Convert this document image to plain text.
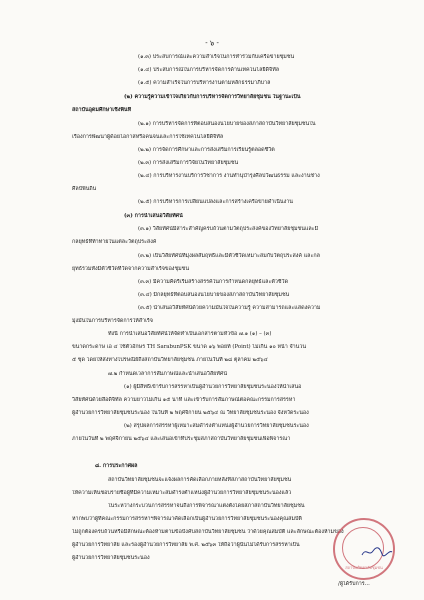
- ๖ -
(๑.๓) ประสบการณ์และความสำเร็จในการทำร่วมกับเครือข่ายชุมชน
(๑.๔) ประสบการณ์ในการบริหารจัดการด้านเทคโนโลยีดิจิทัล
(๑.๕) ความสำเร็จในการบริหารงานตามหลักธรรมาภิบาล
(๒) ความรู้ความเข้าใจเกี่ยวกับการบริหารจัดการวิทยาลัยชุมชน ในฐานะเป็น
สถาบันอุดมศึกษาเชิงพื้นที่
(๒.๑) การบริหารจัดการที่ตอบสนองนโยบายของสภาสถาบันวิทยาลัยชุมชนใน
เรื่องการพัฒนาผู้ด้อยโอกาสหรือคนจนและการใช้เทคโนโลยีดิจิทัล
(๒.๒) การจัดการศึกษาและการส่งเสริมการเรียนรู้ตลอดชีวิต
(๒.๓) การส่งเสริมการวิจัยในวิทยาลัยชุมชน
(๒.๔) การบริหารงานบริการวิชาการ งานทำนุบำรุงศิลปวัฒนธรรม และงานช่าง
ศิลป์พื้นถิ่น
(๒.๕) การบริหารการเปลี่ยนแปลงและการสร้างเครือข่ายดำเนินงาน
(๓) การนำเสนอวิสัยทัศน์
(๓.๑) วิสัยทัศน์มีสาระสำคัญครบถ้วนตามวัตถุประสงค์ของวิทยาลัยชุมชนและมี
กลยุทธ์ที่ท้าทายในแต่ละวัตถุประสงค์
(๓.๒) เป็นวิสัยทัศน์ที่มุ่งผลสัมฤทธิ์และมีตัวชี้วัดเหมาะสมกับวัตถุประสงค์ และกล
ยุทธ์รวมทั้งมีตัวชี้วัดที่วัดจากความสำเร็จของชุมชน
(๓.๓) มีความคิดริเริ่มสร้างสรรค์ในการกำหนดกลยุทธ์และตัวชี้วัด
(๓.๔) มีกลยุทธ์ที่ตอบสนองนโยบายของสภาสถาบันวิทยาลัยชุมชน
(๓.๕) นำเสนอวิสัยทัศน์ด้วยความมั่นใจในความรู้ ความสามารถและแสดงความ
มุ่งมั่นในการบริหารจัดการให้สำเร็จ
ทั้งนี้ การนำเสนอวิสัยทัศน์ให้จัดทำเป็นเอกสารตามหัวข้อ ๗.๑ (๑) – (๓)
ขนาดกระดาษ เอ ๔ ใช้ตัวอักษร TH SarabunPSK ขนาด ๑๖ พอยท์ (Point) ไม่เกิน ๑๐ หน้า จำนวน
๕ ชุด โดยให้ส่งทางไปรษณีย์ถึงสถาบันวิทยาลัยชุมชน ภายในวันที่ ๒๘ ตุลาคม ๒๕๖๔
๗.๒ กำหนดเวลาการสัมภาษณ์และนำเสนอวิสัยทัศน์
(๑) ผู้มีสิทธิ์เข้ารับการสรรหาเป็นผู้อำนวยการวิทยาลัยชุมชนระนองให้นำเสนอ
วิสัยทัศน์ด้วยสื่อดิจิทัล ความยาวไม่เกิน ๑๕ นาที และเข้ารับการสัมภาษณ์ต่อคณะกรรมการสรรหา
ผู้อำนวยการวิทยาลัยชุมชนระนอง ในวันที่ ๒ พฤศจิกายน ๒๕๖๔ ณ วิทยาลัยชุมชนระนอง จังหวัดระนอง
(๒) สรุปผลการสรรหาผู้เหมาะสมดำรงตำแหน่งผู้อำนวยการวิทยาลัยชุมชนระนอง
ภายในวันที่ ๒ พฤศจิกายน ๒๕๖๔ และเสนอเข้าที่ประชุมสภาสถาบันวิทยาลัยชุมชนเพื่อพิจารณา
๘. การประกาศผล
สถาบันวิทยาลัยชุมชนจะแจ้งผลการคัดเลือกภายหลังที่สภาสถาบันวิทยาลัยชุมชน
ให้ความเห็นชอบรายชื่อผู้ที่มีความเหมาะสมดำรงตำแหน่งผู้อำนวยการวิทยาลัยชุมชนระนองแล้ว
ในระหว่างกระบวนการสรรหาจนถึงการพิจารณาแต่งตั้งโดยสภาสถาบันวิทยาลัยชุมชน
หากพบว่าผู้ที่คณะกรรมการสรรหาฯพิจารณาคัดเลือกเป็นผู้อำนวยการวิทยาลัยชุมชนระนองคุณสมบัติ
ไม่ถูกต้องครบถ้วนหรือมีลักษณะต้องห้ามตามข้อบังคับสถาบันวิทยาลัยชุมชน ว่าด้วยคุณสมบัติ และลักษณะต้องห้ามของ
ผู้อำนวยการวิทยาลัย และรองผู้อำนวยการวิทยาลัย พ.ศ. ๒๕๖๓ ให้ถือว่าผู้นั้นไม่ได้รับการสรรหาเป็น
ผู้อำนวยการวิทยาลัยชุมชนระนอง
/ผู้ได้รับการ...
สถาบันวิทยาลัยชุมชน
